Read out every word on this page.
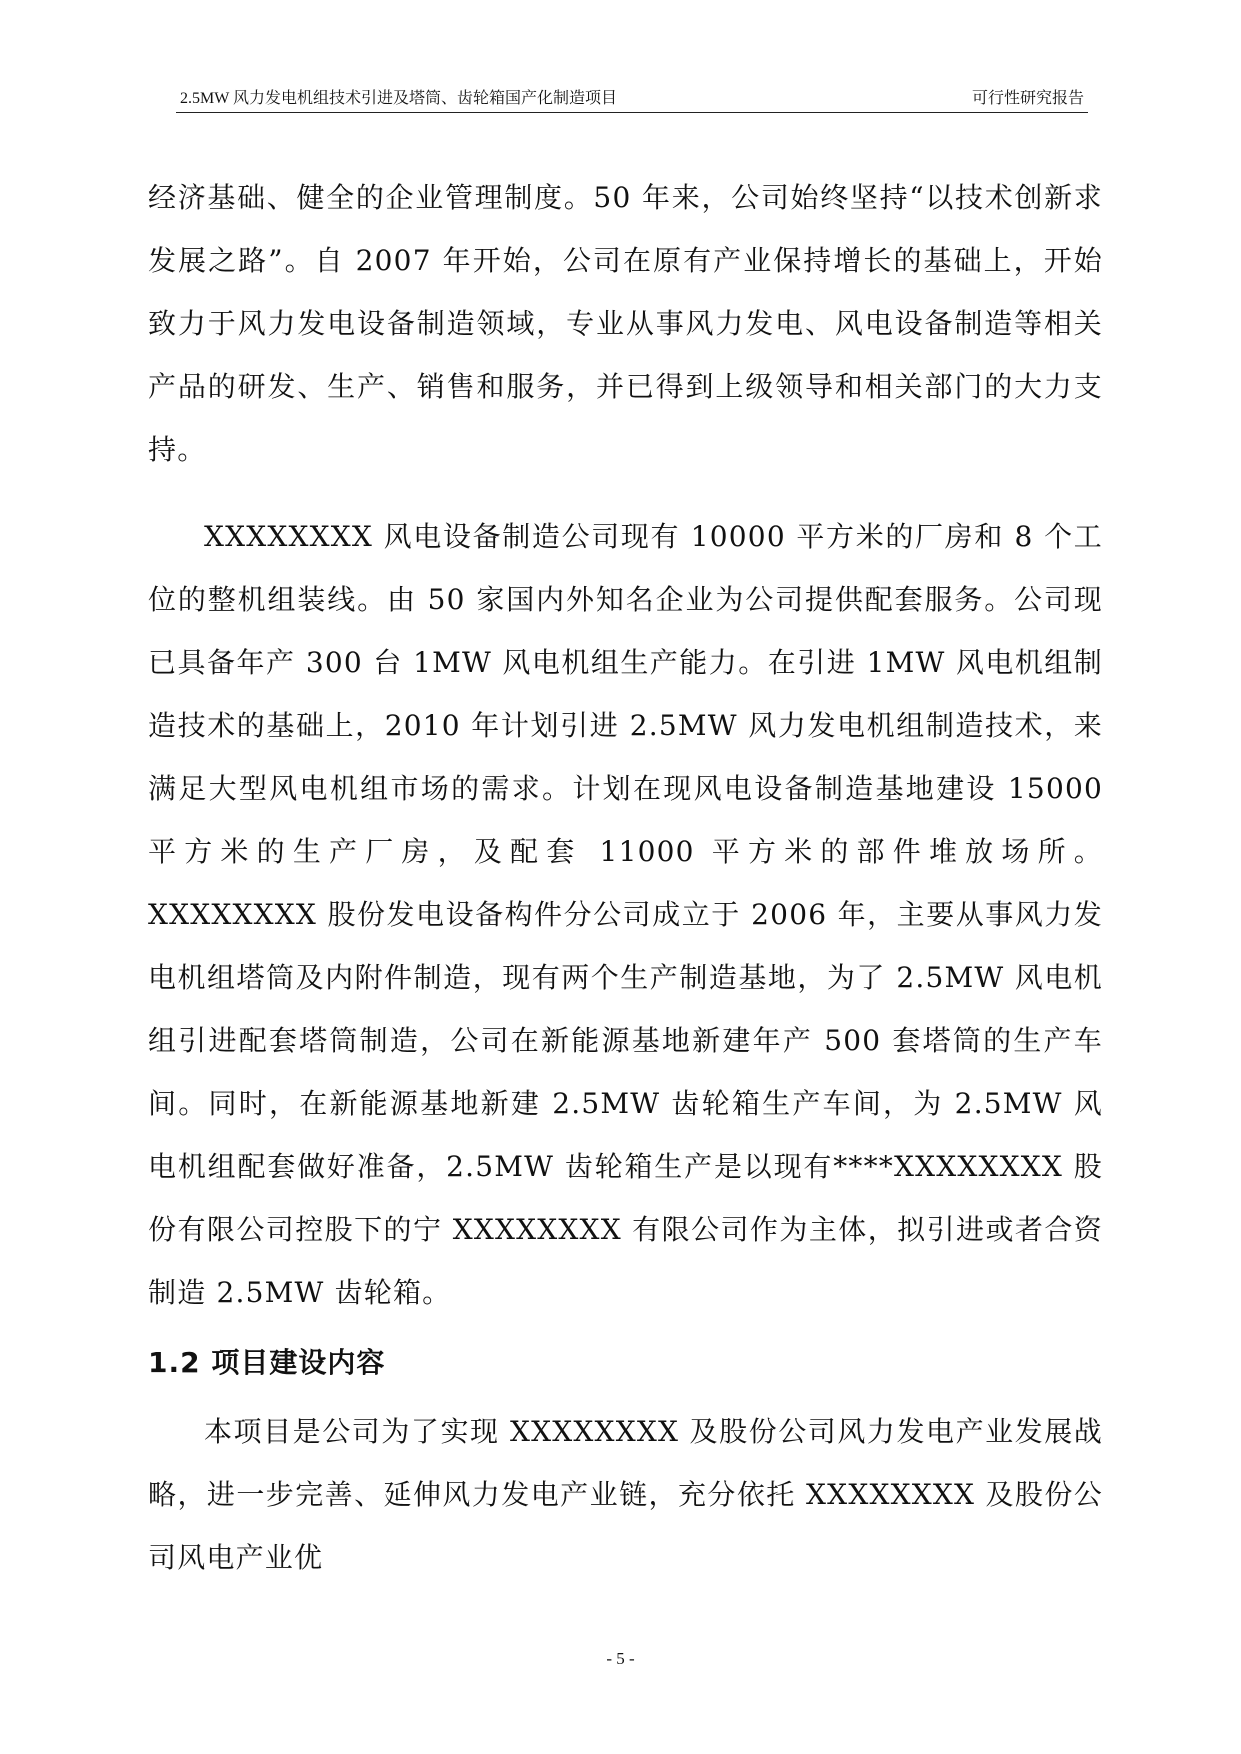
2.5MW 风力发电机组技术引进及塔筒、齿轮箱国产化制造项目	可行性研究报告

经济基础、健全的企业管理制度。50 年来，公司始终坚持“以技术创新求发展之路”。自 2007 年开始，公司在原有产业保持增长的基础上，开始致力于风力发电设备制造领域，专业从事风力发电、风电设备制造等相关产品的研发、生产、销售和服务，并已得到上级领导和相关部门的大力支持。

XXXXXXXX 风电设备制造公司现有 10000 平方米的厂房和 8 个工位的整机组装线。由 50 家国内外知名企业为公司提供配套服务。公司现已具备年产 300 台 1MW 风电机组生产能力。在引进 1MW 风电机组制造技术的基础上，2010 年计划引进 2.5MW 风力发电机组制造技术，来满足大型风电机组市场的需求。计划在现风电设备制造基地建设 15000 平方米的生产厂房，及配套 11000 平方米的部件堆放场所。XXXXXXXX 股份发电设备构件分公司成立于 2006 年，主要从事风力发电机组塔筒及内附件制造，现有两个生产制造基地，为了 2.5MW 风电机组引进配套塔筒制造，公司在新能源基地新建年产 500 套塔筒的生产车间。同时，在新能源基地新建 2.5MW 齿轮箱生产车间，为 2.5MW 风电机组配套做好准备，2.5MW 齿轮箱生产是以现有****XXXXXXXX 股份有限公司控股下的宁 XXXXXXXX 有限公司作为主体，拟引进或者合资制造 2.5MW 齿轮箱。

1.2 项目建设内容

本项目是公司为了实现 XXXXXXXX 及股份公司风力发电产业发展战略，进一步完善、延伸风力发电产业链，充分依托 XXXXXXXX 及股份公司风电产业优

- 5 -
